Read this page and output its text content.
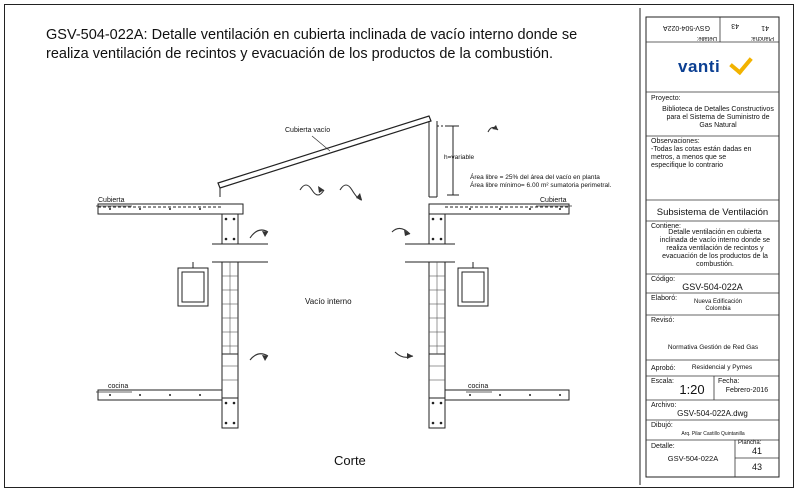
GSV-504-022A: Detalle ventilación en cubierta inclinada de vacío interno donde se realiza ventilación de recintos y evacuación de los productos de la combustión.
Cubierta vacío
h=variable
Área libre = 25% del área del vacío en planta
Área libre mínimo= 6.00 m² sumatoria perimetral.
Cubierta	Cubierta
Vacío interno
cocina	cocina
Corte
Detalle:
GSV-504-022A
Plancha:
41
43
vanti
Proyecto:
Biblioteca de Detalles Constructivos para el Sistema de Suministro de Gas Natural
Observaciones:
-Todas las cotas están dadas en metros, a menos que se especifique lo contrario
Subsistema de Ventilación
Contiene:
Detalle ventilación en cubierta inclinada de vacío interno donde se realiza ventilación de recintos y evacuación de los productos de la combustión.
Código:
GSV-504-022A
Elaboró:	Nueva Edificación Colombia
Revisó:
Normativa Gestión de Red Gas
Aprobó:	Residencial y Pymes
Escala:
1:20
Fecha:
Febrero-2016
Archivo:
GSV-504-022A.dwg
Dibujó:
Arq. Pilar Castillo Quintanilla
Detalle:
GSV-504-022A
Plancha:
41
43
